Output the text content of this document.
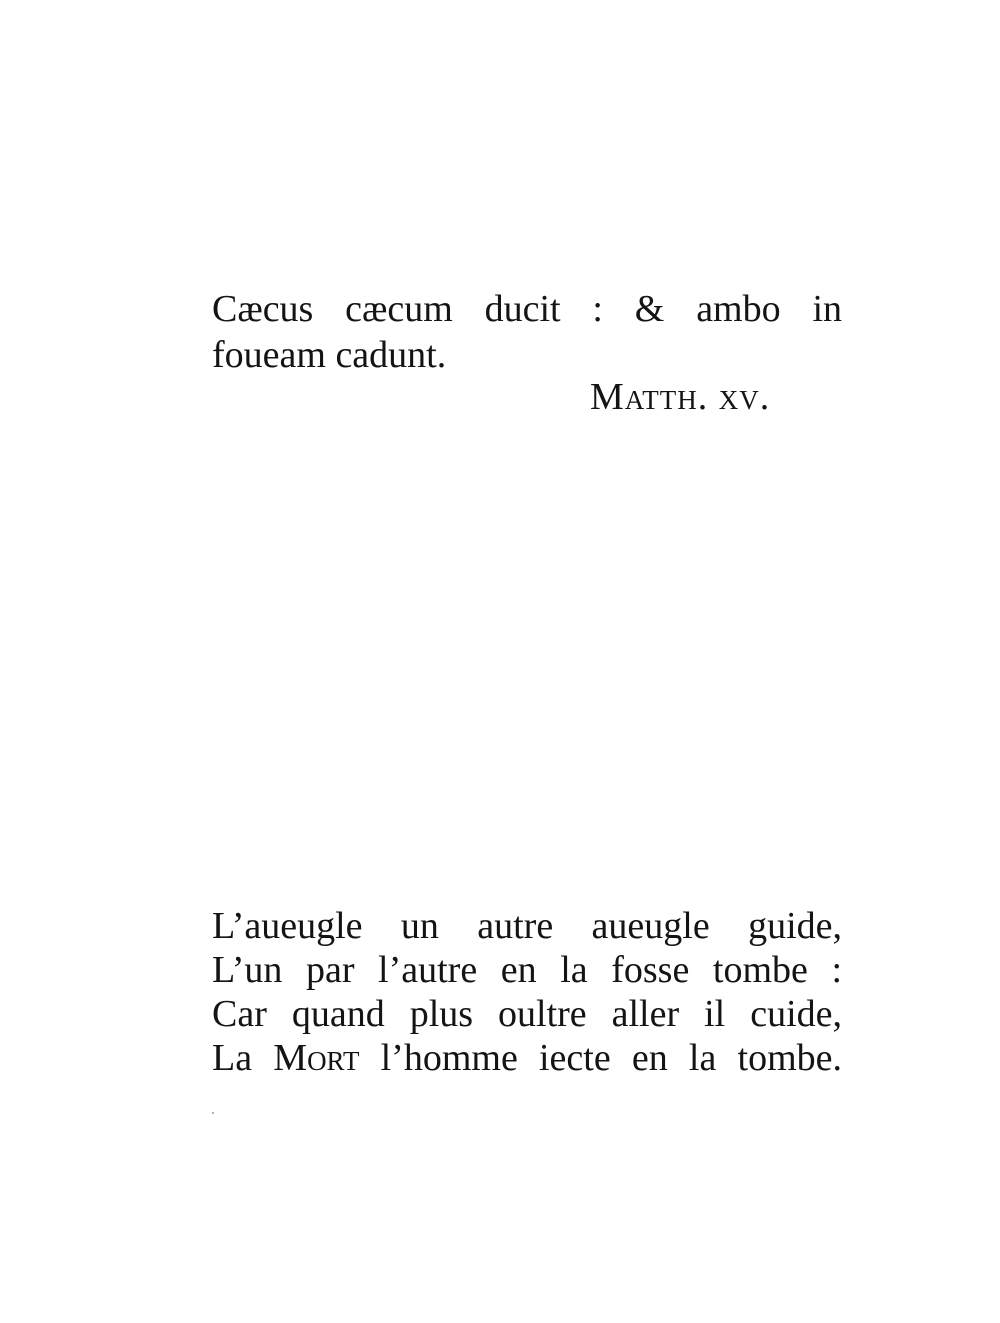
Cæcus cæcum ducit : & ambo in
foueam cadunt.
Matth. xv.
L’aueugle un autre aueugle guide,
L’un par l’autre en la fosse tombe :
Car quand plus oultre aller il cuide,
La Mort l’homme iecte en la tombe.
